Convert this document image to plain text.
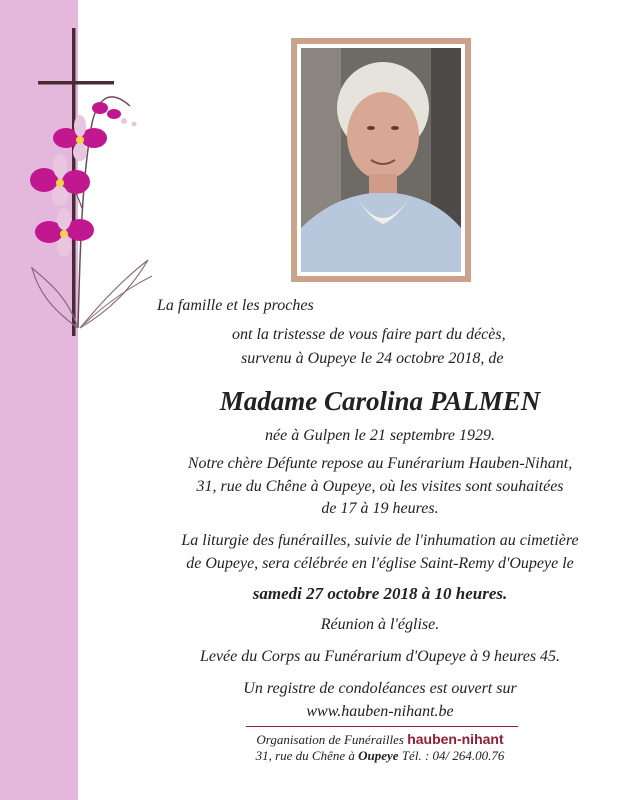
La famille et les proches
ont la tristesse de vous faire part du décès,
survenu à Oupeye le 24 octobre 2018, de
Madame Carolina PALMEN
née à Gulpen le 21 septembre 1929.
Notre chère Défunte repose au Funérarium Hauben-Nihant,
31, rue du Chêne à Oupeye, où les visites sont souhaitées
de 17 à 19 heures.
La liturgie des funérailles, suivie de l'inhumation au cimetière
de Oupeye, sera célébrée en l'église Saint-Remy d'Oupeye le
samedi 27 octobre 2018 à 10 heures.
Réunion à l'église.
Levée du Corps au Funérarium d'Oupeye à 9 heures 45.
Un registre de condoléances est ouvert sur
www.hauben-nihant.be
Organisation de Funérailles hauben-nihant
31, rue du Chêne à Oupeye Tél. : 04/ 264.00.76
